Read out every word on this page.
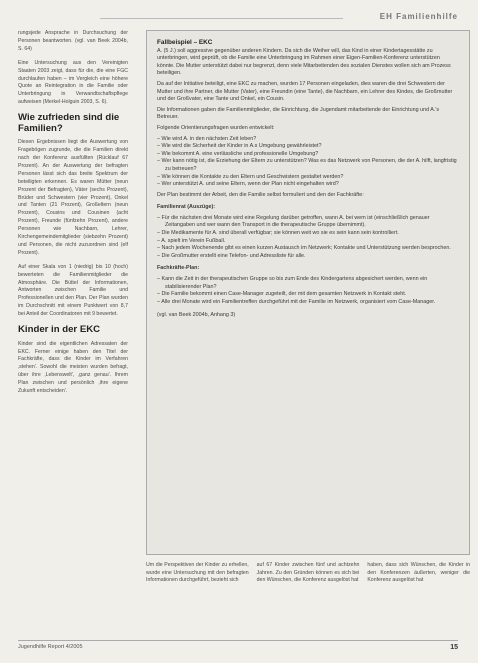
EH Familienhilfe

rungsjede Ansprache in Durchsuchung der Personen beantworten. (vgl. van Beek 2004b, S. 64)

Eine Untersuchung aus den Vereinigten Staaten 2003 zeigt, dass für die, die eine FGC durchlaufen haben – im Vergleich eine höhere Quote an Reintegration in die Familie oder Unterbringung in Verwandtschaftspflege aufweisen (Merkel-Holguin 2003, S. 6).

Wie zufrieden sind die Familien?

Diesen Ergebnissen liegt die Auswertung von Fragebögen zugrunde, die die Familien direkt nach der Konferenz ausfüllten (Rücklauf 67 Prozent). An der Auswertung der befragten Personen lässt sich das breite Spektrum der beteiligten erkennen. Es waren Mütter (neun Prozent der Befragten), Väter (sechs Prozent), Brüder und Schwestern (vier Prozent), Onkel und Tanten (21 Prozent), Großeltern (neun Prozent), Cousins und Cousinen (acht Prozent), Freunde (fünfzehn Prozent), andere Personen wie Nachbarn, Lehrer, Kirchengemeindemitglieder (siebzehn Prozent) und Personen, die nicht zuzuordnen sind (elf Prozent).

Auf einer Skala von 1 (niedrig) bis 10 (hoch) bewerteten die Familienmitglieder die Atmosphäre. Die Büttel der Informationen, Antworten zwischen Familie und Professionellen und den Plan. Der Plan wurden im Durchschnitt mit einem Punktwert von 8,7 bei Anteil der Coordinatoren mit 9 bewertet.

Kinder in der EKC

Kinder sind die eigentlichen Adressaten der EKC. Ferner einige haben den Titel der Fachkräfte, dass die Kinder im Verfahren ‚stehen'. Sowohl die meisten wurden befragt, über ihre ‚Lebenswelt', ‚ganz genau'. Ihrem Plan zwischen und persönlich ‚ihre eigene Zukunft entscheiden'.

Fallbeispiel – EKC

A. (5 J.) soll aggressive gegenüber anderen Kindern. Da sich die Weiher will, das Kind in einer Kindertagesstätte zu unterbringen, wird geprüft, ob die Familie eine Unterbringung im Rahmen einer Eigen-Familien-Konferenz unterstützen könnte. Die Mutter unterstützt dabei nur begrenzt, denn viele Mitarbeitenden des sozialen Dienstes wollen sich am Prozess beteiligen.

Da auf der Initiative beteiligt, eine EKC zu machen, wurden 17 Personen eingeladen, dies waren die drei Schwestern der Mutter und ihre Partner, die Mutter (Vater), eine Freundin (eine Tante), die Nachbarn, ein Lehrer des Kindes, die Großmutter und der Großvater, eine Tante und Onkel, ein Cousin.

Die Informationen gaben die Familienmitglieder, die Einrichtung, die Jugendamt mitarbeitende der Einrichtung und A.'s Betreuer.

Folgende Orientierungsfragen wurden entwickelt:

– Wie wird A. in den nächsten Zeit leben?
– Wie wird die Sicherheit der Kinder in A.s Umgebung gewährleistet?
– Wie bekommt A. eine verlässliche und professionelle Umgebung?
– Wer kann nötig ist, die Erziehung der Eltern zu unterstützen? Was es das Netzwerk von Personen, die der A. hilft, langfristig zu betreuen?
– Wie können die Kontakte zu den Eltern und Geschwistern gestaltet werden?
– Wer unterstützt A. und seine Eltern, wenn der Plan nicht eingehalten wird?

Der Plan bestimmt der Arbeit, den die Familie selbst formuliert und den der Fachkräfte:

Familienrat (Auszüge):

– Für die nächsten drei Monate wird eine Regelung darüber getroffen, wann A. bei wem ist (einschließlich genauer Zeitangaben und wer wann den Transport in die therapeutische Gruppe übernimmt).
– Die Medikamente für A. sind überall verfügbar; sie können weit wo sie es sein kann sein kontrolliert.
– A. spielt im Verein Fußball.
– Nach jedem Wochenende gibt es einen kurzen Austausch im Netzwerk; Kontakte und Unterstützung werden besprochen.
– Die Großmutter erstellt eine Telefon- und Adressliste für alle.

Fachkräfte-Plan:

– Kann die Zeit in der therapeutischen Gruppe so bis zum Ende des Kindergartens abgesichert werden, wenn ein stabilisierender Plan?
– Die Familie bekommt einen Case-Manager zugeteilt, der mit dem gesamten Netzwerk in Kontakt steht.
– Alle drei Monate wird ein Familientreffen durchgeführt mit der Familie im Netzwerk, organisiert vom Case-Manager.

(vgl. van Beek 2004b, Anhang 3)

Um die Perspektiven der Kinder zu erhellen, wurde eine Untersuchung mit den befragten Informationen durchgeführt, bezieht sich

auf 67 Kinder zwischen fünf und achtzehn Jahren. Zu den Gründen können es sich bei den Wünschen, die Konferenz ausgelöst hat

haben, dass sich Wünschen, die Kinder in den Konferenzen äußerten, weniger die Konferenz ausgelöst hat

Jugendhilfe Report 4/2005	15
